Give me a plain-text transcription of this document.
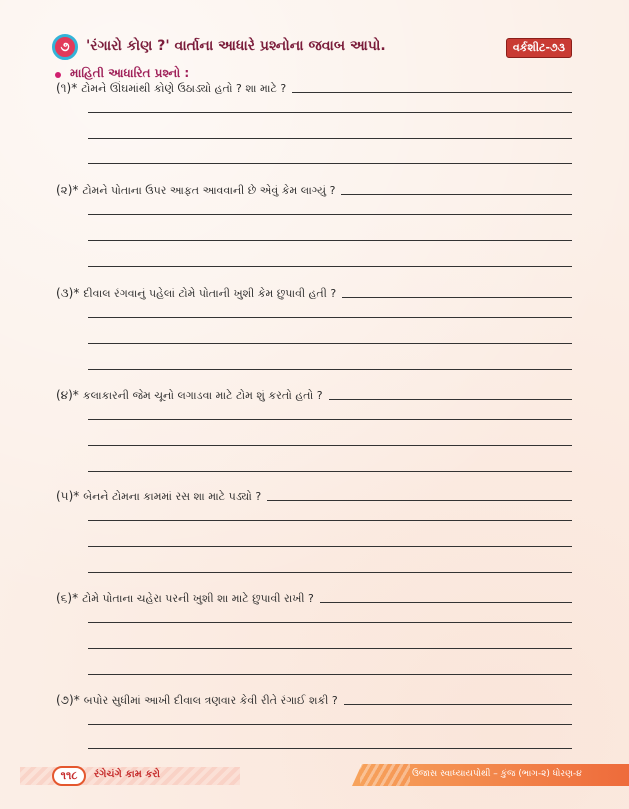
૭	'રંગારો કોણ ?' વાર્તાના આધારે પ્રશ્નોના જવાબ આપો.	વર્કશીટ-૭૩
માહિતી આધારિત પ્રશ્નો :
(૧)* ટોમને ઊંઘમાંથી કોણે ઉઠાડ્યો હતો ? શા માટે ?
(૨)* ટોમને પોતાના ઉપર આફત આવવાની છે એવું કેમ લાગ્યું ?
(૩)* દીવાલ રંગવાનું પહેલાં ટોમે પોતાની ખુશી કેમ છુપાવી હતી ?
(૪)* કલાકારની જેમ ચૂનો લગાડવા માટે ટોમ શું કરતો હતો ?
(૫)* બેનને ટોમના કામમાં રસ શા માટે પડ્યો ?
(૬)* ટોમે પોતાના ચહેરા પરની ખુશી શા માટે છુપાવી રાખી ?
(૭)* બપોર સુધીમાં આખી દીવાલ ત્રણવાર કેવી રીતે રંગાઈ શકી ?
૧૧૮	રંગેચંગે કામ કરો	ઉજાસ સ્વાધ્યાયપોથી – કુંજ (ભાગ-૨) ધોરણ-૪
